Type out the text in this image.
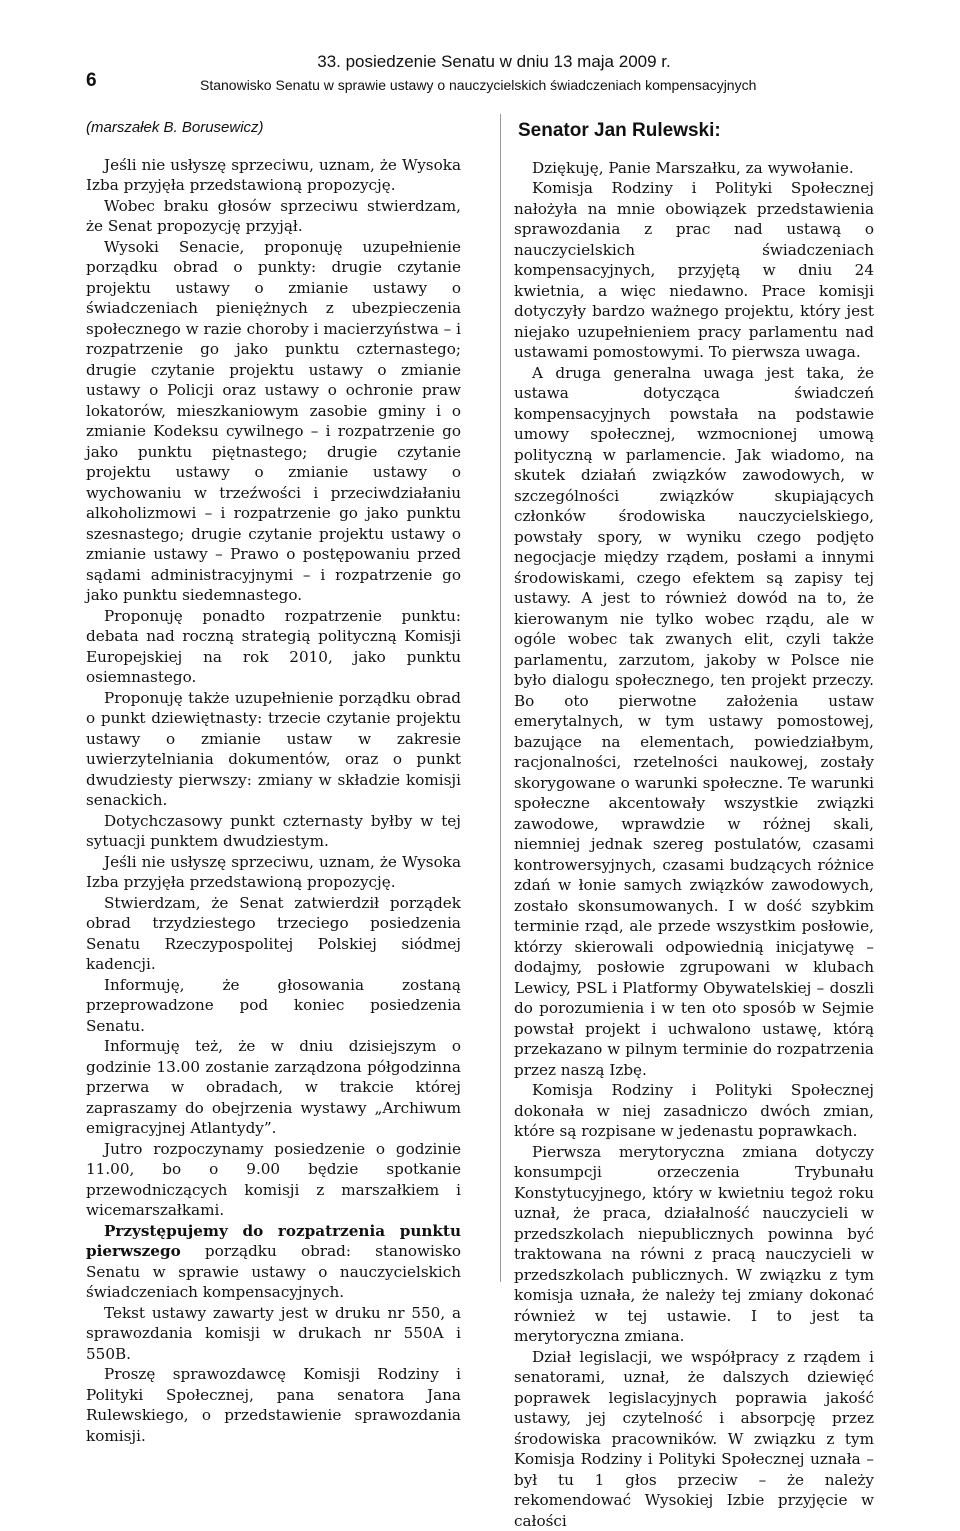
6
33. posiedzenie Senatu w dniu 13 maja 2009 r.
Stanowisko Senatu w sprawie ustawy o nauczycielskich świadczeniach kompensacyjnych

(marszałek B. Borusewicz)

Jeśli nie usłyszę sprzeciwu, uznam, że Wysoka Izba przyjęła przedstawioną propozycję.

Wobec braku głosów sprzeciwu stwierdzam, że Senat propozycję przyjął.

Wysoki Senacie, proponuję uzupełnienie porządku obrad o punkty: drugie czytanie projektu ustawy o zmianie ustawy o świadczeniach pieniężnych z ubezpieczenia społecznego w razie choroby i macierzyństwa – i rozpatrzenie go jako punktu czternastego; drugie czytanie projektu ustawy o zmianie ustawy o Policji oraz ustawy o ochronie praw lokatorów, mieszkaniowym zasobie gminy i o zmianie Kodeksu cywilnego – i rozpatrzenie go jako punktu piętnastego; drugie czytanie projektu ustawy o zmianie ustawy o wychowaniu w trzeźwości i przeciwdziałaniu alkoholizmowi – i rozpatrzenie go jako punktu szesnastego; drugie czytanie projektu ustawy o zmianie ustawy – Prawo o postępowaniu przed sądami administracyjnymi – i rozpatrzenie go jako punktu siedemnastego.

Proponuję ponadto rozpatrzenie punktu: debata nad roczną strategią polityczną Komisji Europejskiej na rok 2010, jako punktu osiemnastego.

Proponuję także uzupełnienie porządku obrad o punkt dziewiętnasty: trzecie czytanie projektu ustawy o zmianie ustaw w zakresie uwierzytelniania dokumentów, oraz o punkt dwudziesty pierwszy: zmiany w składzie komisji senackich.

Dotychczasowy punkt czternasty byłby w tej sytuacji punktem dwudziestym.

Jeśli nie usłyszę sprzeciwu, uznam, że Wysoka Izba przyjęła przedstawioną propozycję.

Stwierdzam, że Senat zatwierdził porządek obrad trzydziestego trzeciego posiedzenia Senatu Rzeczypospolitej Polskiej siódmej kadencji.

Informuję, że głosowania zostaną przeprowadzone pod koniec posiedzenia Senatu.

Informuję też, że w dniu dzisiejszym o godzinie 13.00 zostanie zarządzona półgodzinna przerwa w obradach, w trakcie której zapraszamy do obejrzenia wystawy „Archiwum emigracyjnej Atlantydy”.

Jutro rozpoczynamy posiedzenie o godzinie 11.00, bo o 9.00 będzie spotkanie przewodniczących komisji z marszałkiem i wicemarszałkami.

Przystępujemy do rozpatrzenia punktu pierwszego porządku obrad: stanowisko Senatu w sprawie ustawy o nauczycielskich świadczeniach kompensacyjnych.

Tekst ustawy zawarty jest w druku nr 550, a sprawozdania komisji w drukach nr 550A i 550B.

Proszę sprawozdawcę Komisji Rodziny i Polityki Społecznej, pana senatora Jana Rulewskiego, o przedstawienie sprawozdania komisji.

Senator Jan Rulewski:

Dziękuję, Panie Marszałku, za wywołanie.

Komisja Rodziny i Polityki Społecznej nałożyła na mnie obowiązek przedstawienia sprawozdania z prac nad ustawą o nauczycielskich świadczeniach kompensacyjnych, przyjętą w dniu 24 kwietnia, a więc niedawno. Prace komisji dotyczyły bardzo ważnego projektu, który jest niejako uzupełnieniem pracy parlamentu nad ustawami pomostowymi. To pierwsza uwaga.

A druga generalna uwaga jest taka, że ustawa dotycząca świadczeń kompensacyjnych powstała na podstawie umowy społecznej, wzmocnionej umową polityczną w parlamencie. Jak wiadomo, na skutek działań związków zawodowych, w szczególności związków skupiających członków środowiska nauczycielskiego, powstały spory, w wyniku czego podjęto negocjacje między rządem, posłami a innymi środowiskami, czego efektem są zapisy tej ustawy. A jest to również dowód na to, że kierowanym nie tylko wobec rządu, ale w ogóle wobec tak zwanych elit, czyli także parlamentu, zarzutom, jakoby w Polsce nie było dialogu społecznego, ten projekt przeczy. Bo oto pierwotne założenia ustaw emerytalnych, w tym ustawy pomostowej, bazujące na elementach, powiedziałbym, racjonalności, rzetelności naukowej, zostały skorygowane o warunki społeczne. Te warunki społeczne akcentowały wszystkie związki zawodowe, wprawdzie w różnej skali, niemniej jednak szereg postulatów, czasami kontrowersyjnych, czasami budzących różnice zdań w łonie samych związków zawodowych, zostało skonsumowanych. I w dość szybkim terminie rząd, ale przede wszystkim posłowie, którzy skierowali odpowiednią inicjatywę – dodajmy, posłowie zgrupowani w klubach Lewicy, PSL i Platformy Obywatelskiej – doszli do porozumienia i w ten oto sposób w Sejmie powstał projekt i uchwalono ustawę, którą przekazano w pilnym terminie do rozpatrzenia przez naszą Izbę.

Komisja Rodziny i Polityki Społecznej dokonała w niej zasadniczo dwóch zmian, które są rozpisane w jedenastu poprawkach.

Pierwsza merytoryczna zmiana dotyczy konsumpcji orzeczenia Trybunału Konstytucyjnego, który w kwietniu tegoż roku uznał, że praca, działalność nauczycieli w przedszkolach niepublicznych powinna być traktowana na równi z pracą nauczycieli w przedszkolach publicznych. W związku z tym komisja uznała, że należy tej zmiany dokonać również w tej ustawie. I to jest ta merytoryczna zmiana.

Dział legislacji, we współpracy z rządem i senatorami, uznał, że dalszych dziewięć poprawek legislacyjnych poprawia jakość ustawy, jej czytelność i absorpcję przez środowiska pracowników. W związku z tym Komisja Rodziny i Polityki Społecznej uznała – był tu 1 głos przeciw – że należy rekomendować Wysokiej Izbie przyjęcie w całości
